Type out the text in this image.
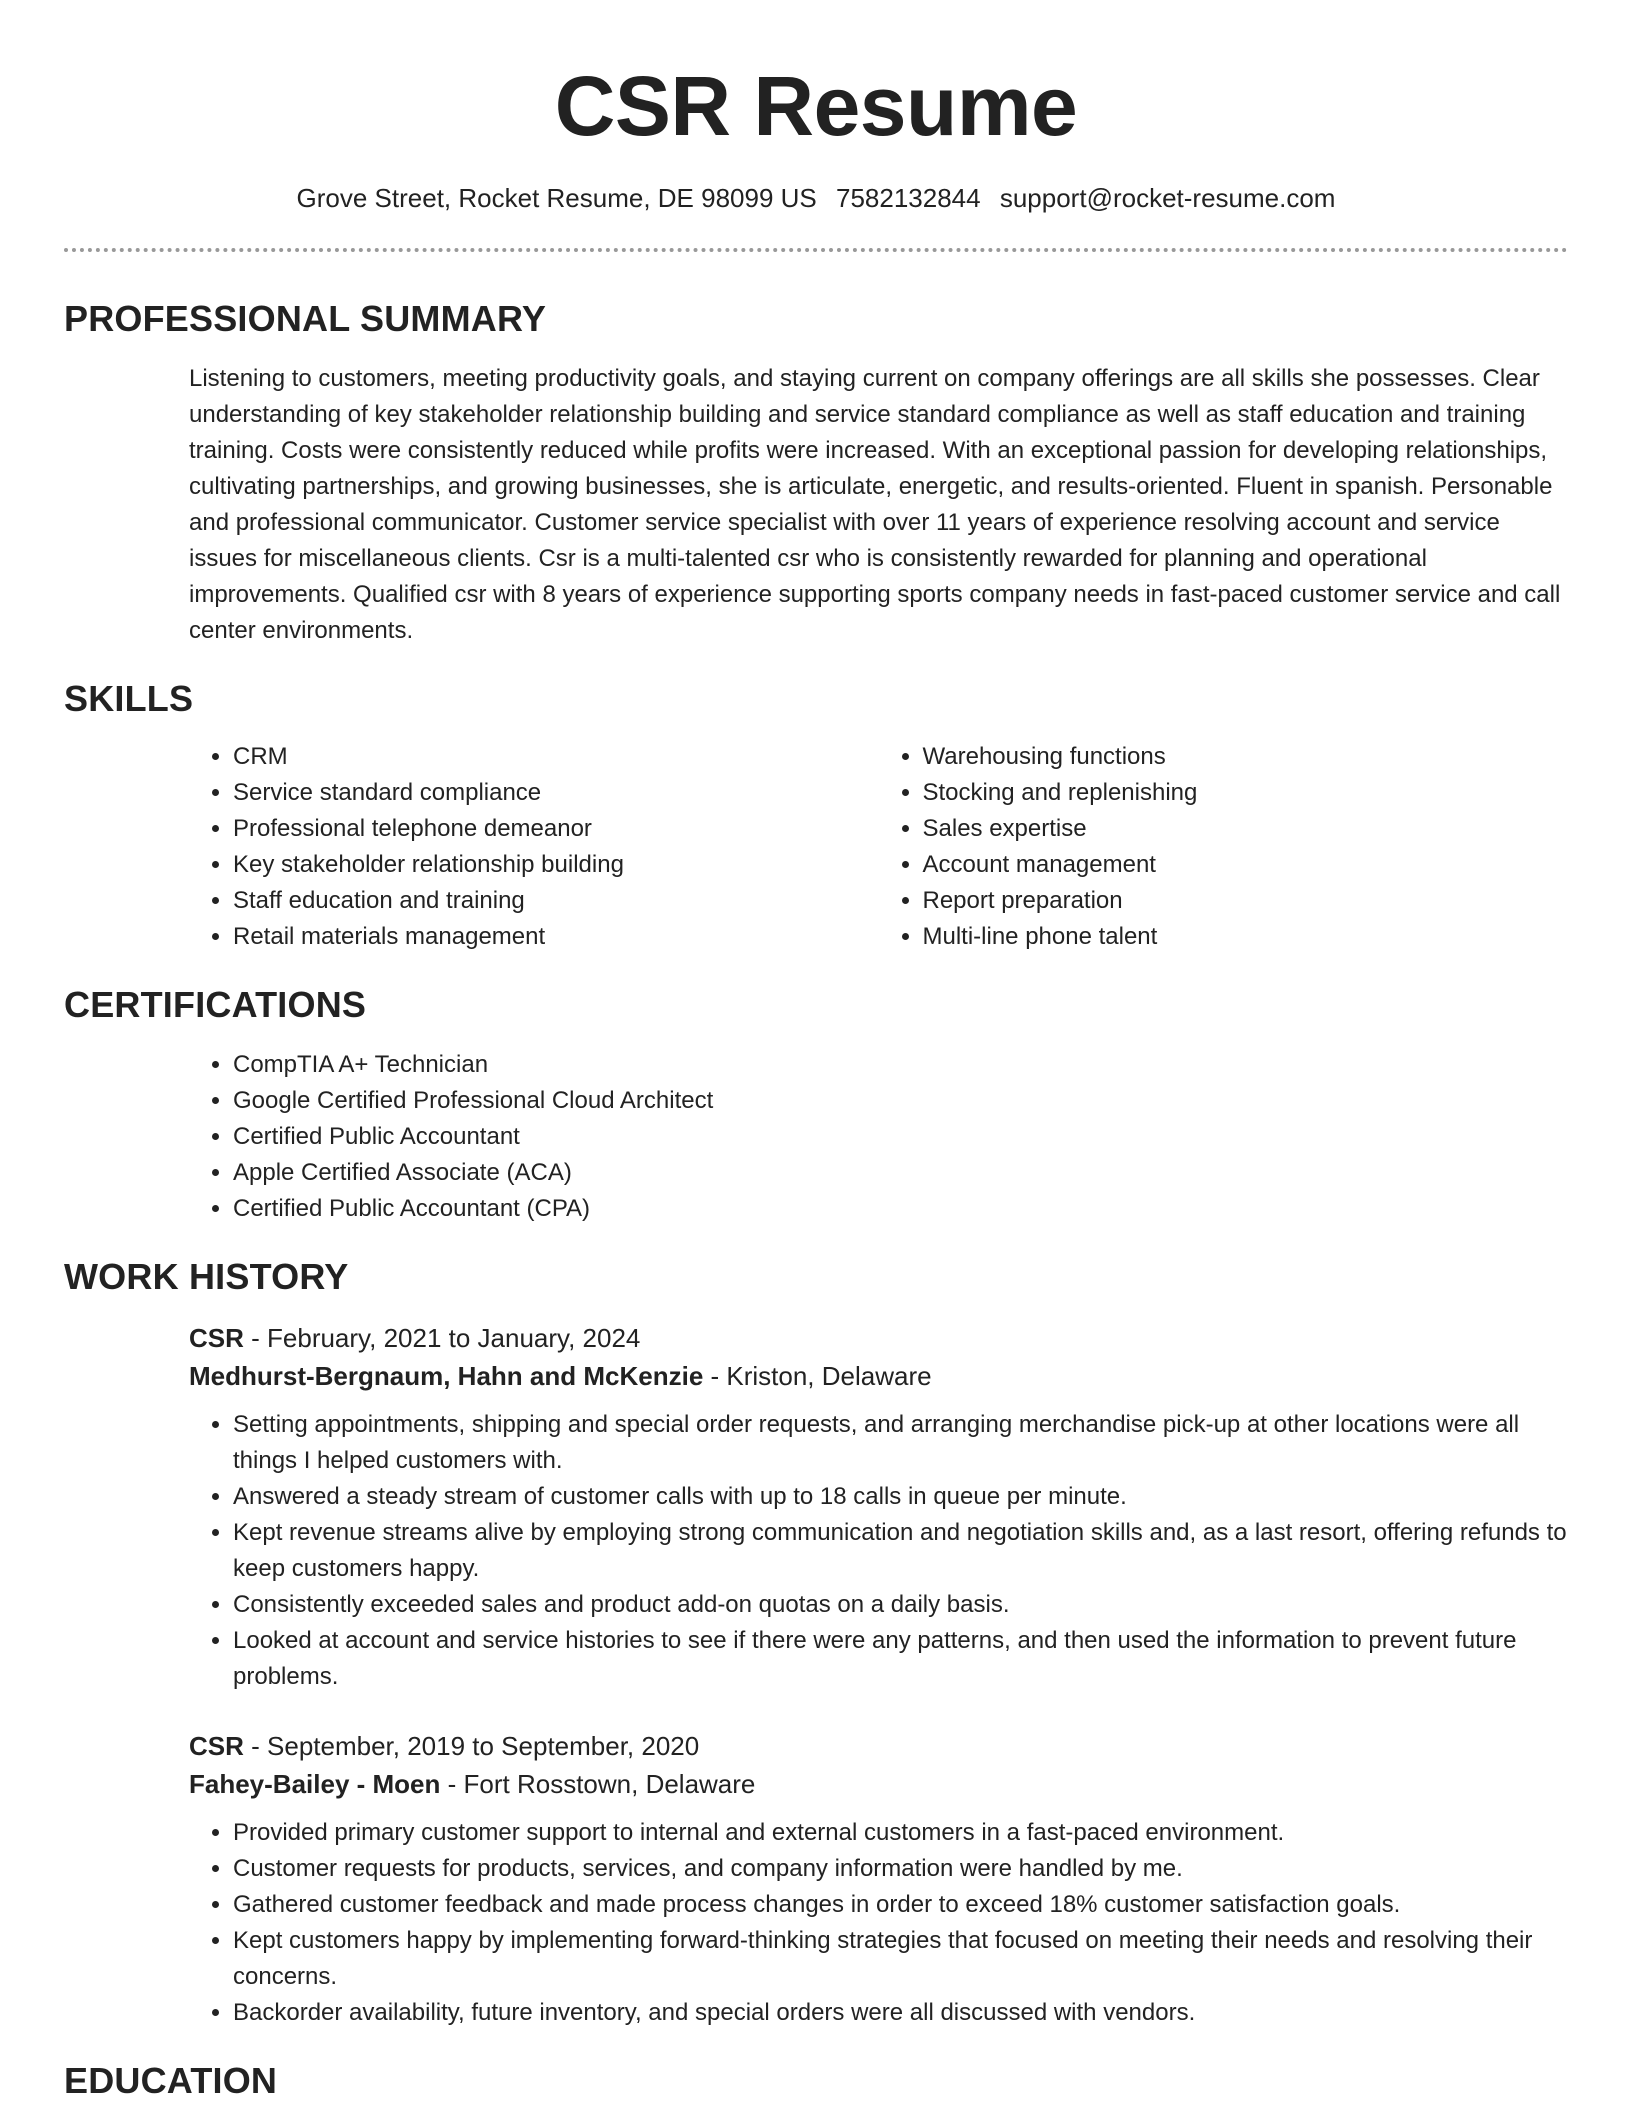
CSR Resume
Grove Street, Rocket Resume, DE 98099 US 7582132844 support@rocket-resume.com
PROFESSIONAL SUMMARY
Listening to customers, meeting productivity goals, and staying current on company offerings are all skills she possesses. Clear understanding of key stakeholder relationship building and service standard compliance as well as staff education and training training. Costs were consistently reduced while profits were increased. With an exceptional passion for developing relationships, cultivating partnerships, and growing businesses, she is articulate, energetic, and results-oriented. Fluent in spanish. Personable and professional communicator. Customer service specialist with over 11 years of experience resolving account and service issues for miscellaneous clients. Csr is a multi-talented csr who is consistently rewarded for planning and operational improvements. Qualified csr with 8 years of experience supporting sports company needs in fast-paced customer service and call center environments.
SKILLS
• CRM
• Service standard compliance
• Professional telephone demeanor
• Key stakeholder relationship building
• Staff education and training
• Retail materials management
• Warehousing functions
• Stocking and replenishing
• Sales expertise
• Account management
• Report preparation
• Multi-line phone talent
CERTIFICATIONS
• CompTIA A+ Technician
• Google Certified Professional Cloud Architect
• Certified Public Accountant
• Apple Certified Associate (ACA)
• Certified Public Accountant (CPA)
WORK HISTORY
CSR - February, 2021 to January, 2024
Medhurst-Bergnaum, Hahn and McKenzie - Kriston, Delaware
• Setting appointments, shipping and special order requests, and arranging merchandise pick-up at other locations were all things I helped customers with.
• Answered a steady stream of customer calls with up to 18 calls in queue per minute.
• Kept revenue streams alive by employing strong communication and negotiation skills and, as a last resort, offering refunds to keep customers happy.
• Consistently exceeded sales and product add-on quotas on a daily basis.
• Looked at account and service histories to see if there were any patterns, and then used the information to prevent future problems.
CSR - September, 2019 to September, 2020
Fahey-Bailey - Moen - Fort Rosstown, Delaware
• Provided primary customer support to internal and external customers in a fast-paced environment.
• Customer requests for products, services, and company information were handled by me.
• Gathered customer feedback and made process changes in order to exceed 18% customer satisfaction goals.
• Kept customers happy by implementing forward-thinking strategies that focused on meeting their needs and resolving their concerns.
• Backorder availability, future inventory, and special orders were all discussed with vendors.
EDUCATION
